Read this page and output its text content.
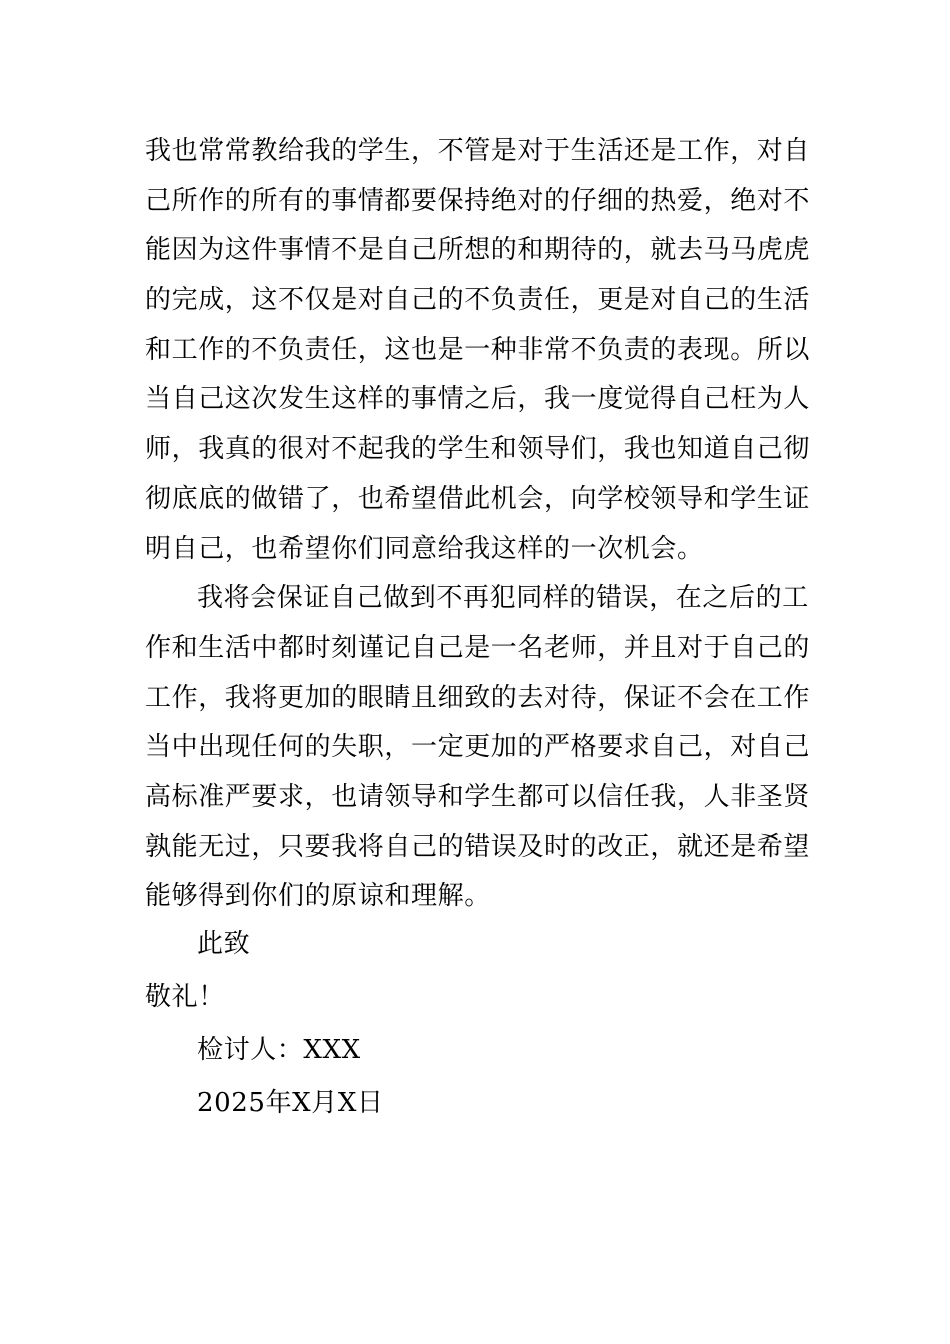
我也常常教给我的学生，不管是对于生活还是工作，对自
己所作的所有的事情都要保持绝对的仔细的热爱，绝对不
能因为这件事情不是自己所想的和期待的，就去马马虎虎
的完成，这不仅是对自己的不负责任，更是对自己的生活
和工作的不负责任，这也是一种非常不负责的表现。所以
当自己这次发生这样的事情之后，我一度觉得自己枉为人
师，我真的很对不起我的学生和领导们，我也知道自己彻
彻底底的做错了，也希望借此机会，向学校领导和学生证
明自己，也希望你们同意给我这样的一次机会。
我将会保证自己做到不再犯同样的错误，在之后的工
作和生活中都时刻谨记自己是一名老师，并且对于自己的
工作，我将更加的眼睛且细致的去对待，保证不会在工作
当中出现任何的失职，一定更加的严格要求自己，对自己
高标准严要求，也请领导和学生都可以信任我，人非圣贤
孰能无过，只要我将自己的错误及时的改正，就还是希望
能够得到你们的原谅和理解。
此致
敬礼！
检讨人：XXX
2025年X月X日
